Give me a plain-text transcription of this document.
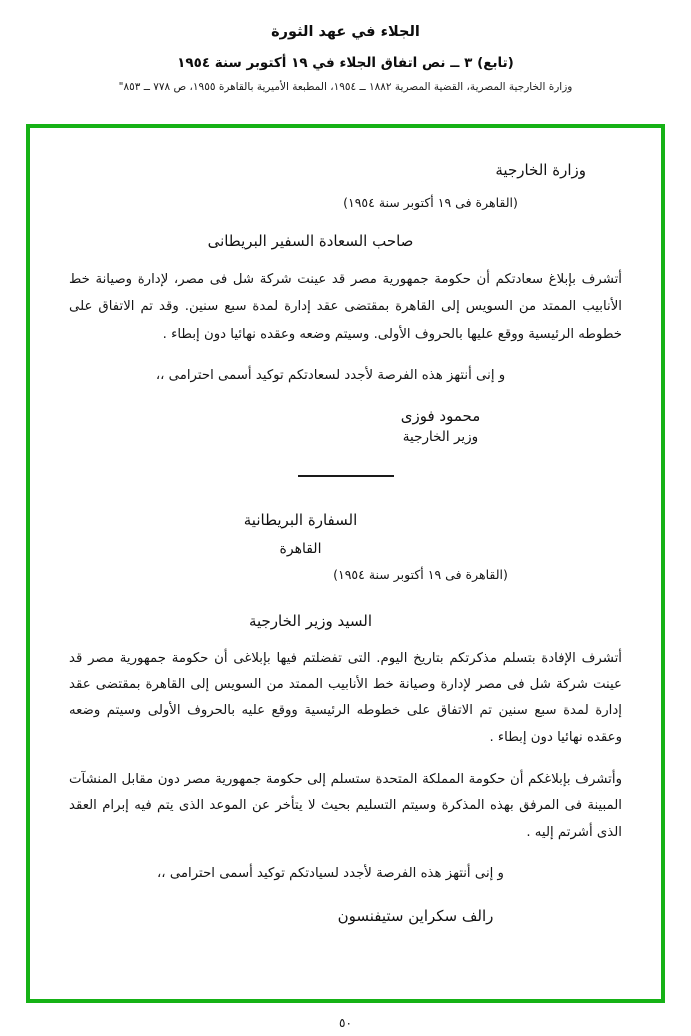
الجلاء في عهد الثورة
(تابع) ٣ ــ نص اتفاق الجلاء في ١٩ أكتوبر سنة ١٩٥٤
وزارة الخارجية المصرية، القضية المصرية ١٨٨٢ ــ ١٩٥٤، المطبعة الأميرية بالقاهرة ١٩٥٥، ص ٧٧٨ ــ ٨٥٣"
وزارة الخارجية
(القاهرة فى ١٩ أكتوبر سنة ١٩٥٤)
صاحب السعادة السفير البريطانى
أتشرف بإبلاغ سعادتكم أن حكومة جمهورية مصر قد عينت شركة شل فى مصر، لإدارة وصيانة خط الأنابيب الممتد من السويس إلى القاهرة بمقتضى عقد إدارة لمدة سبع سنين. وقد تم الاتفاق على خطوطه الرئيسية ووقع عليها بالحروف الأولى. وسيتم وضعه وعقده نهائيا دون إبطاء .
و إنى أنتهز هذه الفرصة لأجدد لسعادتكم توكيد أسمى احترامى ،،
محمود فوزى
وزير الخارجية
السفارة البريطانية
القاهرة
(القاهرة فى ١٩ أكتوبر سنة ١٩٥٤)
السيد وزير الخارجية
أتشرف الإفادة بتسلم مذكرتكم بتاريخ اليوم. التى تفضلتم فيها بإبلاغى أن حكومة جمهورية مصر قد عينت شركة شل فى مصر لإدارة وصيانة خط الأنابيب الممتد من السويس إلى القاهرة بمقتضى عقد إدارة لمدة سبع سنين تم الاتفاق على خطوطه الرئيسية ووقع عليه بالحروف الأولى وسيتم وضعه وعقده نهائيا دون إبطاء .
وأتشرف بإبلاغكم أن حكومة المملكة المتحدة ستسلم إلى حكومة جمهورية مصر دون مقابل المنشآت المبينة فى المرفق بهذه المذكرة وسيتم التسليم بحيث لا يتأخر عن الموعد الذى يتم فيه إبرام العقد الذى أشرتم إليه .
و إنى أنتهز هذه الفرصة لأجدد لسيادتكم توكيد أسمى احترامى ،،
رالف سكراين ستيفنسون
٥٠
